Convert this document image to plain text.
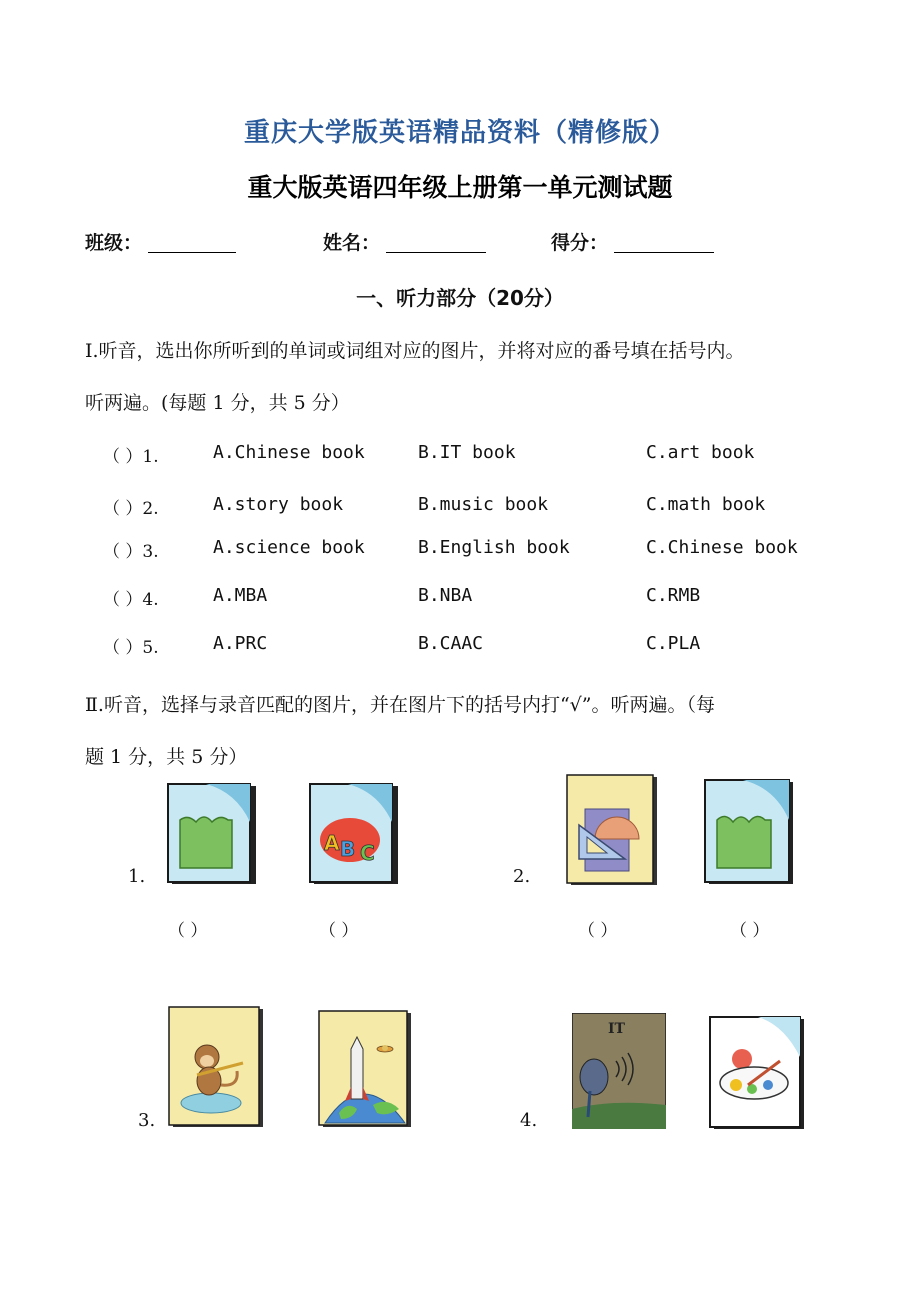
重庆大学版英语精品资料（精修版）
重大版英语四年级上册第一单元测试题
班级：	姓名：	得分：
一、听力部分（20分）
Ⅰ.听音，选出你所听到的单词或词组对应的图片，并将对应的番号填在括号内。
听两遍。(每题 1 分，共 5 分）
（ ）1.	A.Chinese book	B.IT book	C.art book
（ ）2.	A.story book	B.music book	C.math book
（ ）3.	A.science book	B.English book	C.Chinese book
（ ）4.	A.MBA	B.NBA	C.RMB
（ ）5.	A.PRC	B.CAAC	C.PLA
Ⅱ.听音，选择与录音匹配的图片，并在图片下的括号内打“√”。听两遍。（每
题 1 分，共 5 分）
1.	2.
3.	4.
（ ）	（ ）	（ ）	（ ）
A B C
IT
